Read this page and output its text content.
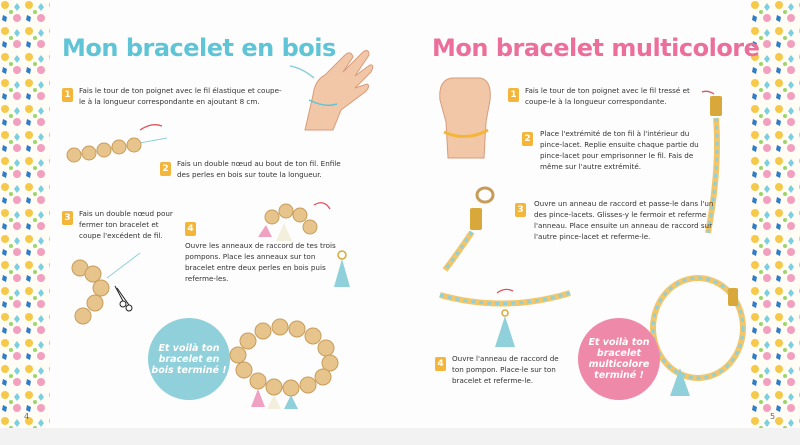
Mon bracelet en bois
1	Fais le tour de ton poignet avec le fil élastique et coupe-le à la longueur correspondante en ajoutant 8 cm.
2
Fais un double nœud au bout de ton fil. Enfile des perles en bois sur toute la longueur.
3	Fais un double nœud pour fermer ton bracelet et coupe l'excédent de fil.
4
Ouvre les anneaux de raccord de tes trois pompons. Place les anneaux sur ton bracelet entre deux perles en bois puis referme-les.
Et voilà ton bracelet en bois terminé !
4
Mon bracelet multicolore
1	Fais le tour de ton poignet avec le fil tressé et coupe-le à la longueur correspondante.
2
Place l'extrémité de ton fil à l'intérieur du pince-lacet. Replie ensuite chaque partie du pince-lacet pour emprisonner le fil. Fais de même sur l'autre extrémité.
3
Ouvre un anneau de raccord et passe-le dans l'un des pince-lacets. Glisses-y le fermoir et referme l'anneau. Place ensuite un anneau de raccord sur l'autre pince-lacet et referme-le.
4
Ouvre l'anneau de raccord de ton pompon. Place-le sur ton bracelet et referme-le.
Et voilà ton bracelet multicolore terminé !
5
